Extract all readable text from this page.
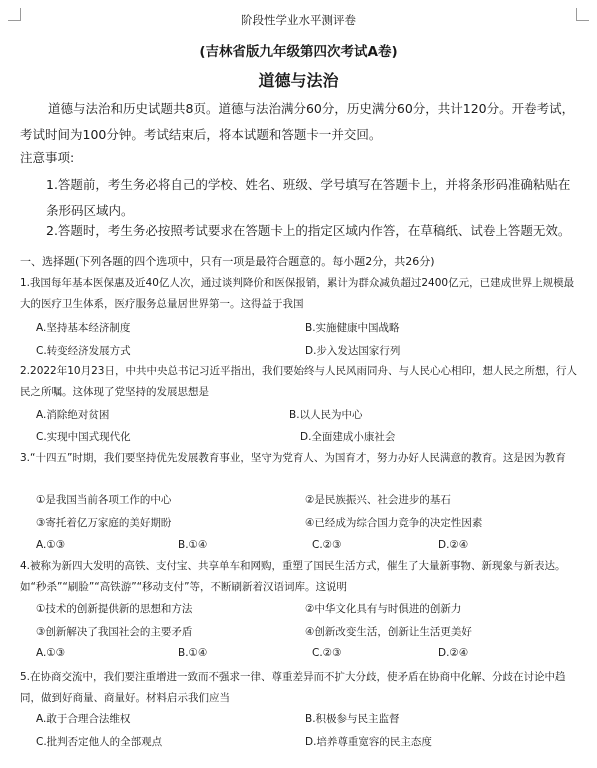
阶段性学业水平测评卷
(吉林省版九年级第四次考试A卷)
道德与法治
道德与法治和历史试题共8页。道德与法治满分60分，历史满分60分，共计120分。开卷考试，考试时间为100分钟。考试结束后，将本试题和答题卡一并交回。
注意事项:
1.答题前，考生务必将自己的学校、姓名、班级、学号填写在答题卡上，并将条形码准确粘贴在条形码区域内。
2.答题时，考生务必按照考试要求在答题卡上的指定区域内作答，在草稿纸、试卷上答题无效。
一、选择题(下列各题的四个选项中，只有一项是最符合题意的。每小题2分，共26分)
1.我国每年基本医保惠及近40亿人次，通过谈判降价和医保报销，累计为群众减负超过2400亿元，已建成世界上规模最大的医疗卫生体系，医疗服务总量居世界第一。这得益于我国
A.坚持基本经济制度	B.实施健康中国战略
C.转变经济发展方式	D.步入发达国家行列
2.2022年10月23日，中共中央总书记习近平指出，我们要始终与人民风雨同舟、与人民心心相印，想人民之所想，行人民之所嘱。这体现了党坚持的发展思想是
A.消除绝对贫困	B.以人民为中心
C.实现中国式现代化	D.全面建成小康社会
3.“十四五”时期，我们要坚持优先发展教育事业，坚守为党育人、为国育才，努力办好人民满意的教育。这是因为教育
①是我国当前各项工作的中心	②是民族振兴、社会进步的基石
③寄托着亿万家庭的美好期盼	④已经成为综合国力竞争的决定性因素
A.①③	B.①④	C.②③	D.②④
4.被称为新四大发明的高铁、支付宝、共享单车和网购，重塑了国民生活方式，催生了大量新事物、新现象与新表达。如“秒杀”“刷脸”“高铁游”“移动支付”等，不断刷新着汉语词库。这说明
①技术的创新提供新的思想和方法	②中华文化具有与时俱进的创新力
③创新解决了我国社会的主要矛盾	④创新改变生活，创新让生活更美好
A.①③	B.①④	C.②③	D.②④
5.在协商交流中，我们要注重增进一致而不强求一律、尊重差异而不扩大分歧，使矛盾在协商中化解、分歧在讨论中趋同，做到好商量、商量好。材料启示我们应当
A.敢于合理合法维权	B.积极参与民主监督
C.批判否定他人的全部观点	D.培养尊重宽容的民主态度
